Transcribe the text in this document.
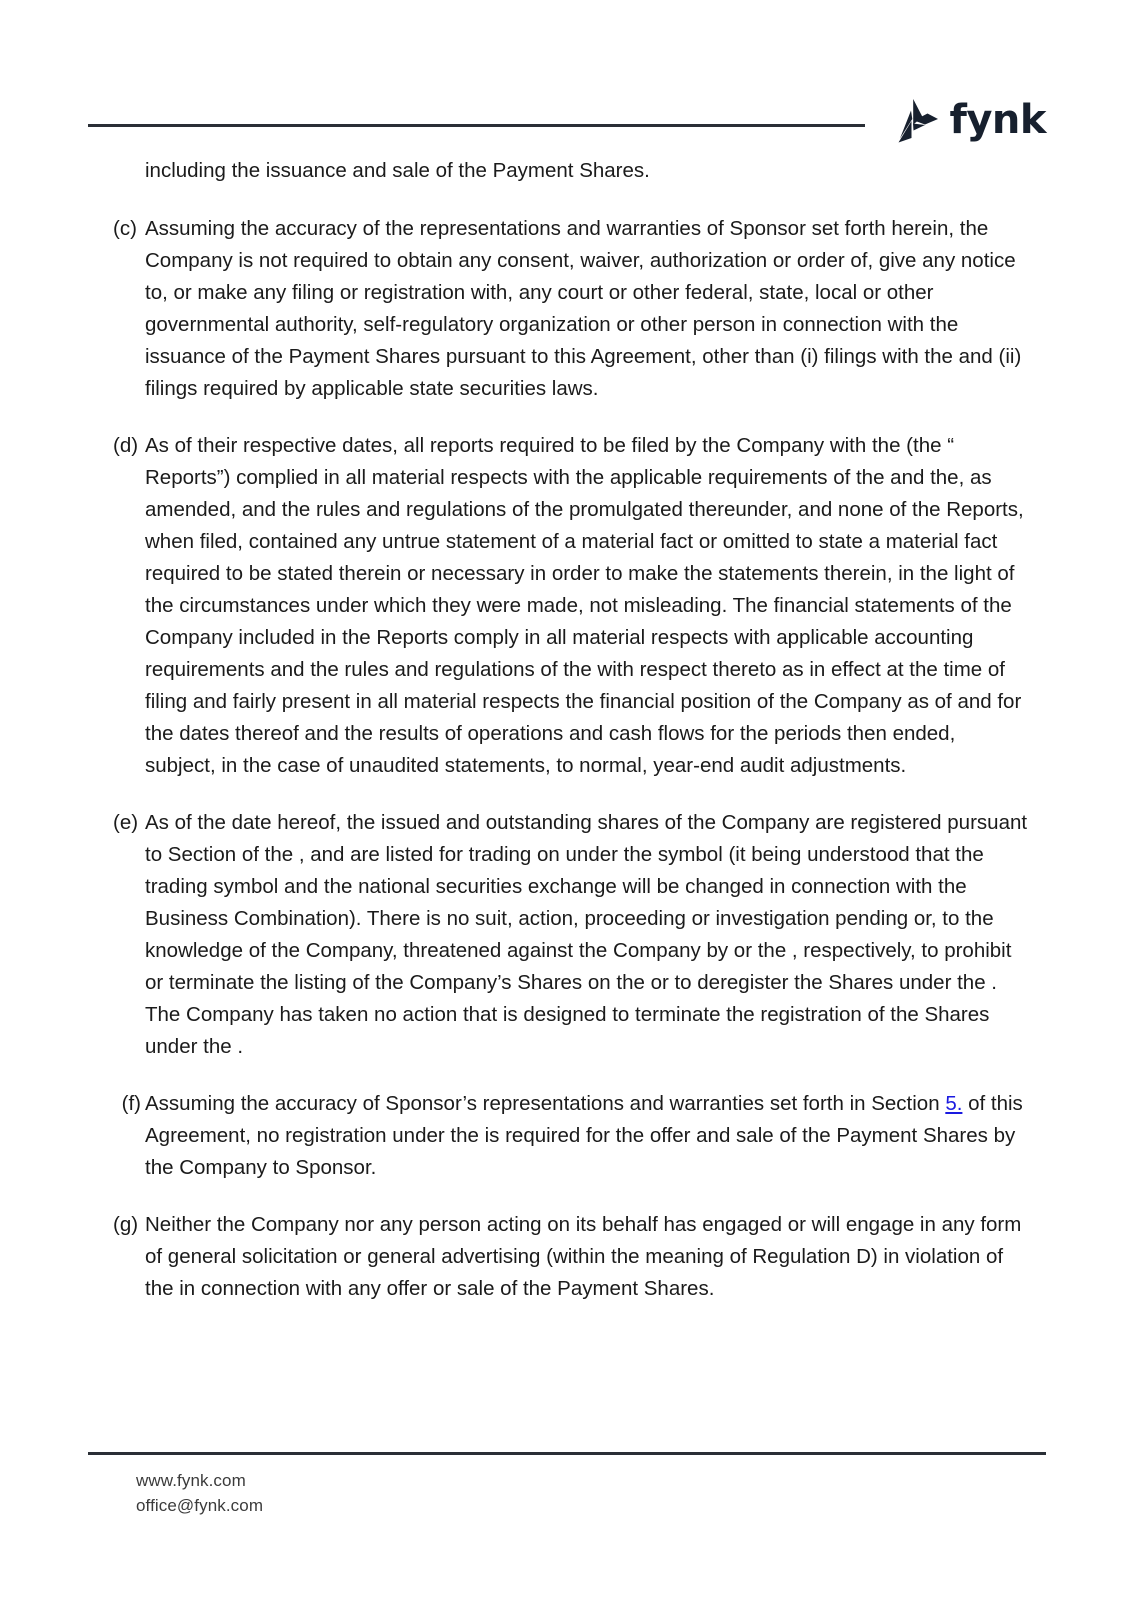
fynk

including the issuance and sale of the Payment Shares.

(c) Assuming the accuracy of the representations and warranties of Sponsor set forth herein, the Company is not required to obtain any consent, waiver, authorization or order of, give any notice to, or make any filing or registration with, any court or other federal, state, local or other governmental authority, self-regulatory organization or other person in connection with the issuance of the Payment Shares pursuant to this Agreement, other than (i) filings with the and (ii) filings required by applicable state securities laws.
(d) As of their respective dates, all reports required to be filed by the Company with the (the “ Reports”) complied in all material respects with the applicable requirements of the and the, as amended, and the rules and regulations of the promulgated thereunder, and none of the Reports, when filed, contained any untrue statement of a material fact or omitted to state a material fact required to be stated therein or necessary in order to make the statements therein, in the light of the circumstances under which they were made, not misleading. The financial statements of the Company included in the Reports comply in all material respects with applicable accounting requirements and the rules and regulations of the with respect thereto as in effect at the time of filing and fairly present in all material respects the financial position of the Company as of and for the dates thereof and the results of operations and cash flows for the periods then ended, subject, in the case of unaudited statements, to normal, year-end audit adjustments.
(e) As of the date hereof, the issued and outstanding shares of the Company are registered pursuant to Section of the , and are listed for trading on under the symbol (it being understood that the trading symbol and the national securities exchange will be changed in connection with the Business Combination). There is no suit, action, proceeding or investigation pending or, to the knowledge of the Company, threatened against the Company by or the , respectively, to prohibit or terminate the listing of the Company’s Shares on the or to deregister the Shares under the . The Company has taken no action that is designed to terminate the registration of the Shares under the .
(f) Assuming the accuracy of Sponsor’s representations and warranties set forth in Section 5. of this Agreement, no registration under the is required for the offer and sale of the Payment Shares by the Company to Sponsor.
(g) Neither the Company nor any person acting on its behalf has engaged or will engage in any form of general solicitation or general advertising (within the meaning of Regulation D) in violation of the in connection with any offer or sale of the Payment Shares.
www.fynk.com
office@fynk.com
